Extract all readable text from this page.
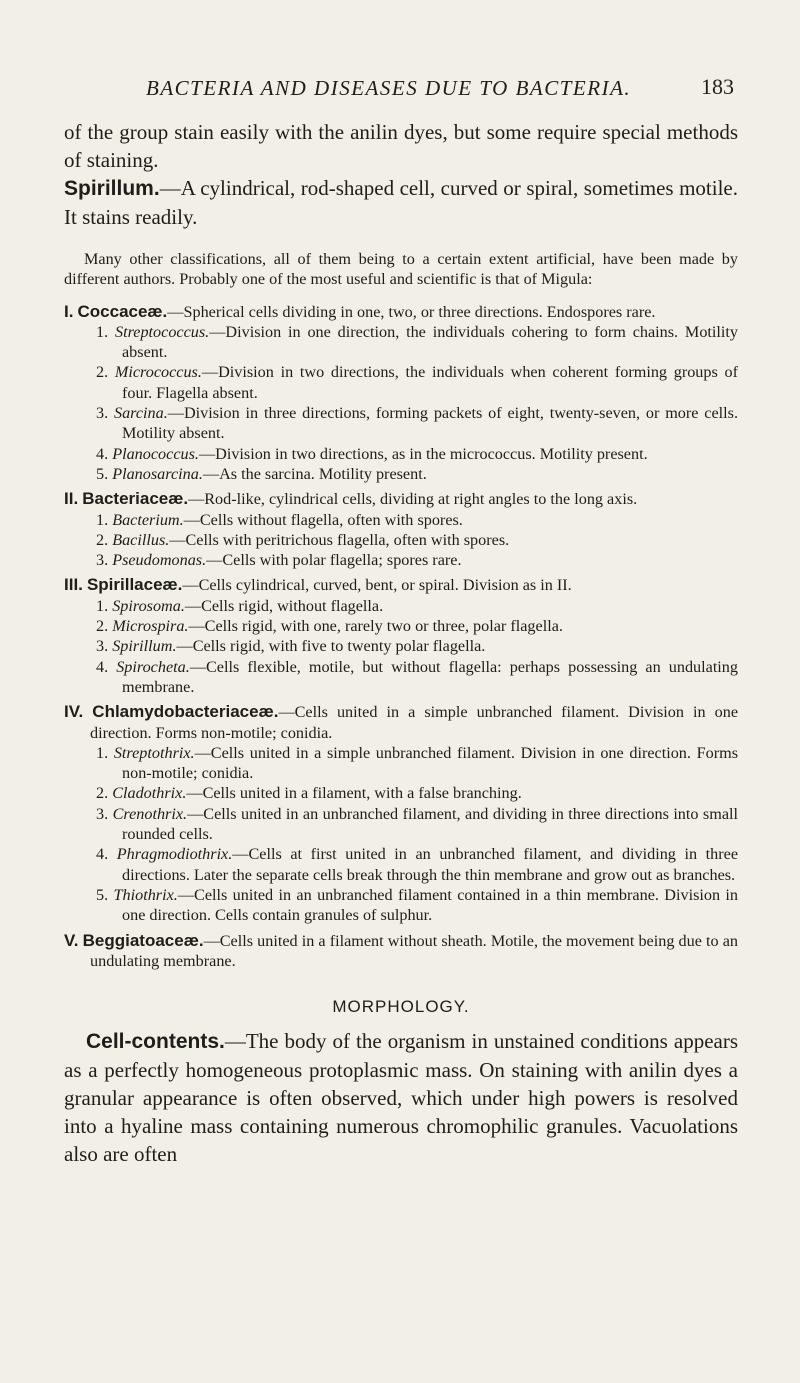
BACTERIA AND DISEASES DUE TO BACTERIA.	183

of the group stain easily with the anilin dyes, but some require special methods of staining.

Spirillum.—A cylindrical, rod-shaped cell, curved or spiral, sometimes motile. It stains readily.

Many other classifications, all of them being to a certain extent artificial, have been made by different authors. Probably one of the most useful and scientific is that of Migula:

I. Coccaceæ.—Spherical cells dividing in one, two, or three directions. Endospores rare.

1. Streptococcus.—Division in one direction, the individuals cohering to form chains. Motility absent.

2. Micrococcus.—Division in two directions, the individuals when coherent forming groups of four. Flagella absent.

3. Sarcina.—Division in three directions, forming packets of eight, twenty-seven, or more cells. Motility absent.

4. Planococcus.—Division in two directions, as in the micrococcus. Motility present.

5. Planosarcina.—As the sarcina. Motility present.

II. Bacteriaceæ.—Rod-like, cylindrical cells, dividing at right angles to the long axis.

1. Bacterium.—Cells without flagella, often with spores.

2. Bacillus.—Cells with peritrichous flagella, often with spores.

3. Pseudomonas.—Cells with polar flagella; spores rare.

III. Spirillaceæ.—Cells cylindrical, curved, bent, or spiral. Division as in II.

1. Spirosoma.—Cells rigid, without flagella.

2. Microspira.—Cells rigid, with one, rarely two or three, polar flagella.

3. Spirillum.—Cells rigid, with five to twenty polar flagella.

4. Spirocheta.—Cells flexible, motile, but without flagella: perhaps possessing an undulating membrane.

IV. Chlamydobacteriaceæ.—Cells united in a simple unbranched filament. Division in one direction. Forms non-motile; conidia.

1. Streptothrix.—Cells united in a simple unbranched filament. Division in one direction. Forms non-motile; conidia.

2. Cladothrix.—Cells united in a filament, with a false branching.

3. Crenothrix.—Cells united in an unbranched filament, and dividing in three directions into small rounded cells.

4. Phragmodiothrix.—Cells at first united in an unbranched filament, and dividing in three directions. Later the separate cells break through the thin membrane and grow out as branches.

5. Thiothrix.—Cells united in an unbranched filament contained in a thin membrane. Division in one direction. Cells contain granules of sulphur.

V. Beggiatoaceæ.—Cells united in a filament without sheath. Motile, the movement being due to an undulating membrane.

MORPHOLOGY.

Cell-contents.—The body of the organism in unstained conditions appears as a perfectly homogeneous protoplasmic mass. On staining with anilin dyes a granular appearance is often observed, which under high powers is resolved into a hyaline mass containing numerous chromophilic granules. Vacuolations also are often
